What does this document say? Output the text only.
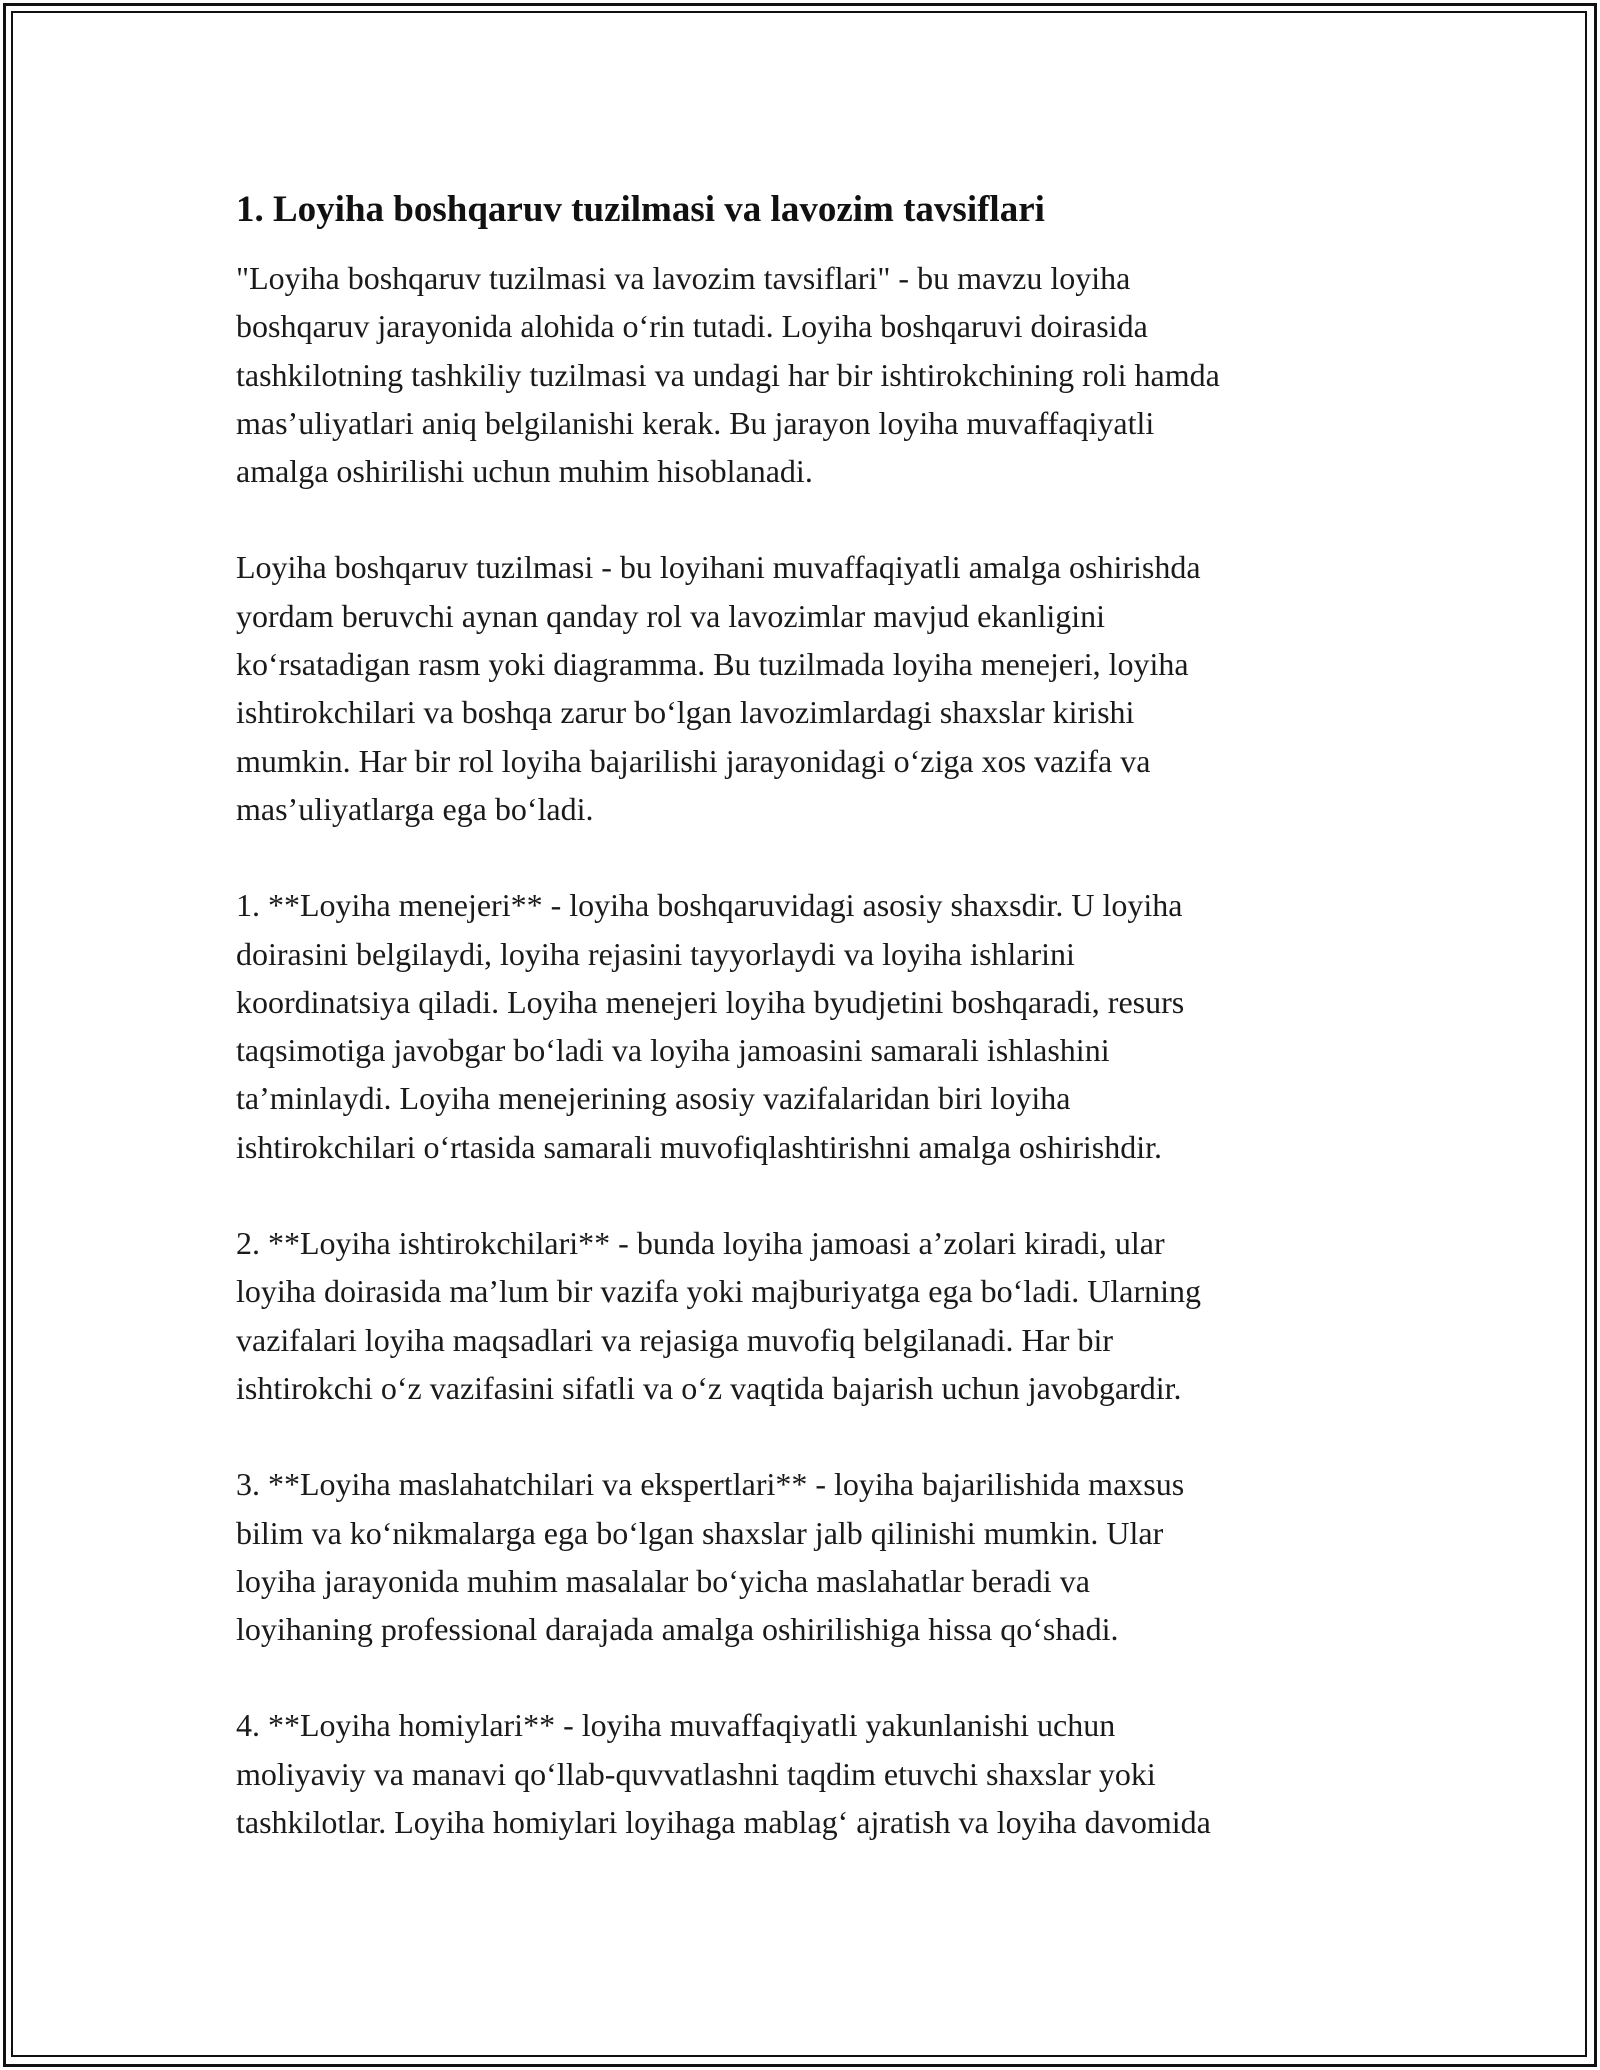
1. Loyiha boshqaruv tuzilmasi va lavozim tavsiflari

"Loyiha boshqaruv tuzilmasi va lavozim tavsiflari" - bu mavzu loyiha
boshqaruv jarayonida alohida o‘rin tutadi. Loyiha boshqaruvi doirasida
tashkilotning tashkiliy tuzilmasi va undagi har bir ishtirokchining roli hamda
mas’uliyatlari aniq belgilanishi kerak. Bu jarayon loyiha muvaffaqiyatli
amalga oshirilishi uchun muhim hisoblanadi.

Loyiha boshqaruv tuzilmasi - bu loyihani muvaffaqiyatli amalga oshirishda
yordam beruvchi aynan qanday rol va lavozimlar mavjud ekanligini
ko‘rsatadigan rasm yoki diagramma. Bu tuzilmada loyiha menejeri, loyiha
ishtirokchilari va boshqa zarur bo‘lgan lavozimlardagi shaxslar kirishi
mumkin. Har bir rol loyiha bajarilishi jarayonidagi o‘ziga xos vazifa va
mas’uliyatlarga ega bo‘ladi.

1. **Loyiha menejeri** - loyiha boshqaruvidagi asosiy shaxsdir. U loyiha
doirasini belgilaydi, loyiha rejasini tayyorlaydi va loyiha ishlarini
koordinatsiya qiladi. Loyiha menejeri loyiha byudjetini boshqaradi, resurs
taqsimotiga javobgar bo‘ladi va loyiha jamoasini samarali ishlashini
ta’minlaydi. Loyiha menejerining asosiy vazifalaridan biri loyiha
ishtirokchilari o‘rtasida samarali muvofiqlashtirishni amalga oshirishdir.

2. **Loyiha ishtirokchilari** - bunda loyiha jamoasi a’zolari kiradi, ular
loyiha doirasida ma’lum bir vazifa yoki majburiyatga ega bo‘ladi. Ularning
vazifalari loyiha maqsadlari va rejasiga muvofiq belgilanadi. Har bir
ishtirokchi o‘z vazifasini sifatli va o‘z vaqtida bajarish uchun javobgardir.

3. **Loyiha maslahatchilari va ekspertlari** - loyiha bajarilishida maxsus
bilim va ko‘nikmalarga ega bo‘lgan shaxslar jalb qilinishi mumkin. Ular
loyiha jarayonida muhim masalalar bo‘yicha maslahatlar beradi va
loyihaning professional darajada amalga oshirilishiga hissa qo‘shadi.

4. **Loyiha homiylari** - loyiha muvaffaqiyatli yakunlanishi uchun
moliyaviy va manavi qo‘llab-quvvatlashni taqdim etuvchi shaxslar yoki
tashkilotlar. Loyiha homiylari loyihaga mablag‘ ajratish va loyiha davomida
